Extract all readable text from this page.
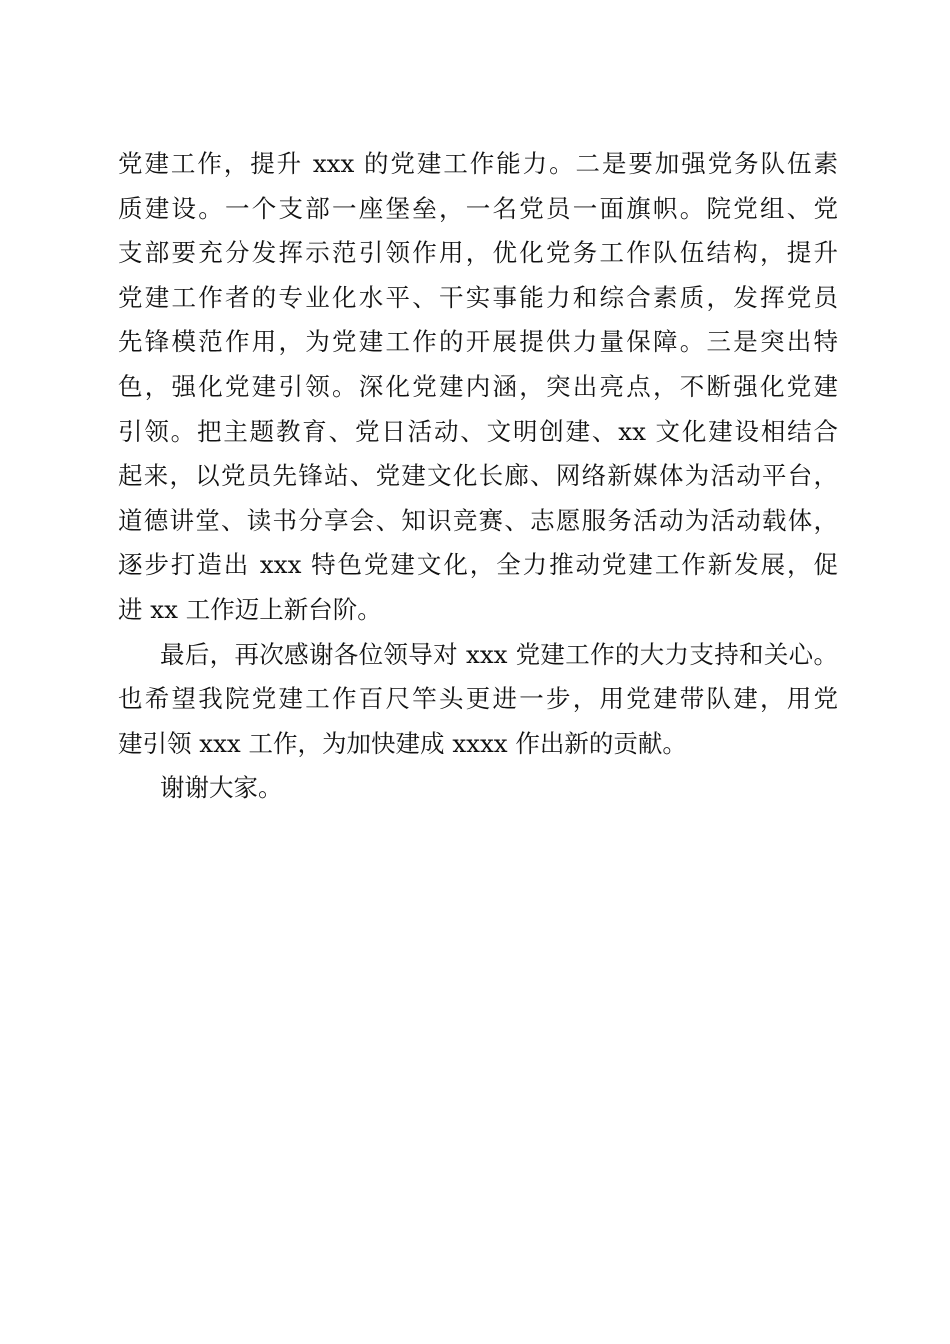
党建工作，提升 xxx 的党建工作能力。二是要加强党务队伍素
质建设。一个支部一座堡垒，一名党员一面旗帜。院党组、党
支部要充分发挥示范引领作用，优化党务工作队伍结构，提升
党建工作者的专业化水平、干实事能力和综合素质，发挥党员
先锋模范作用，为党建工作的开展提供力量保障。三是突出特
色，强化党建引领。深化党建内涵，突出亮点，不断强化党建
引领。把主题教育、党日活动、文明创建、xx 文化建设相结合
起来，以党员先锋站、党建文化长廊、网络新媒体为活动平台，
道德讲堂、读书分享会、知识竞赛、志愿服务活动为活动载体，
逐步打造出 xxx 特色党建文化，全力推动党建工作新发展，促
进 xx 工作迈上新台阶。
最后，再次感谢各位领导对 xxx 党建工作的大力支持和关心。
也希望我院党建工作百尺竿头更进一步，用党建带队建，用党
建引领 xxx 工作，为加快建成 xxxx 作出新的贡献。
谢谢大家。
